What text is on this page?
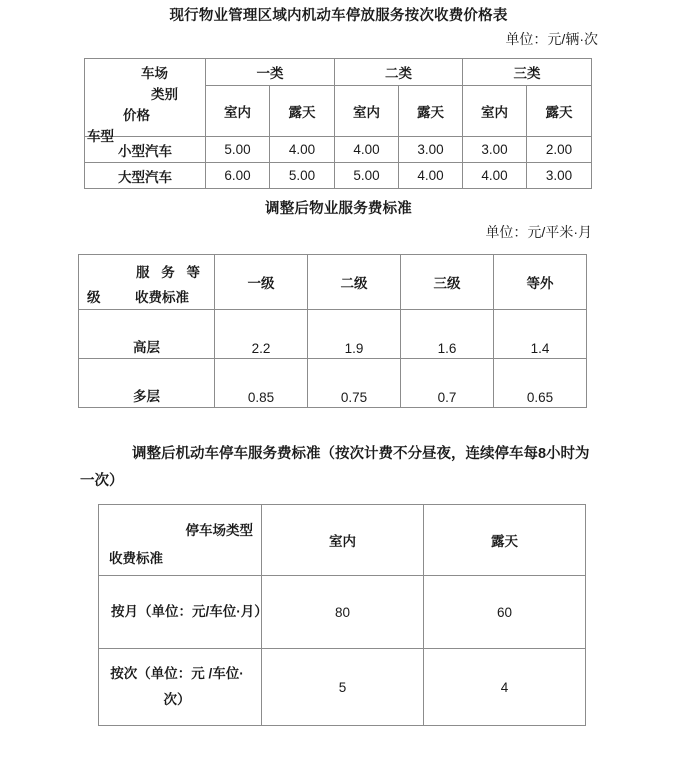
现行物业管理区域内机动车停放服务按次收费价格表
单位：元/辆·次
车场
类别
价格
车型	一类		二类		三类	
	室内	露天	室内	露天	室内	露天
小型汽车	5.00	4.00	4.00	3.00	3.00	2.00
大型汽车	6.00	5.00	5.00	4.00	4.00	3.00
调整后物业服务费标准
单位：元/平米·月
服 务 等
级 收费标准	一级	二级	三级	等外
高层	2.2	1.9	1.6	1.4
多层	0.85	0.75	0.7	0.65
调整后机动车停车服务费标准（按次计费不分昼夜，连续停车每8小时为一次）
停车场类型
收费标准	室内	露天
按月（单位：元/车位·月）	80	60
按次（单位：元 /车位·
次）	5	4
